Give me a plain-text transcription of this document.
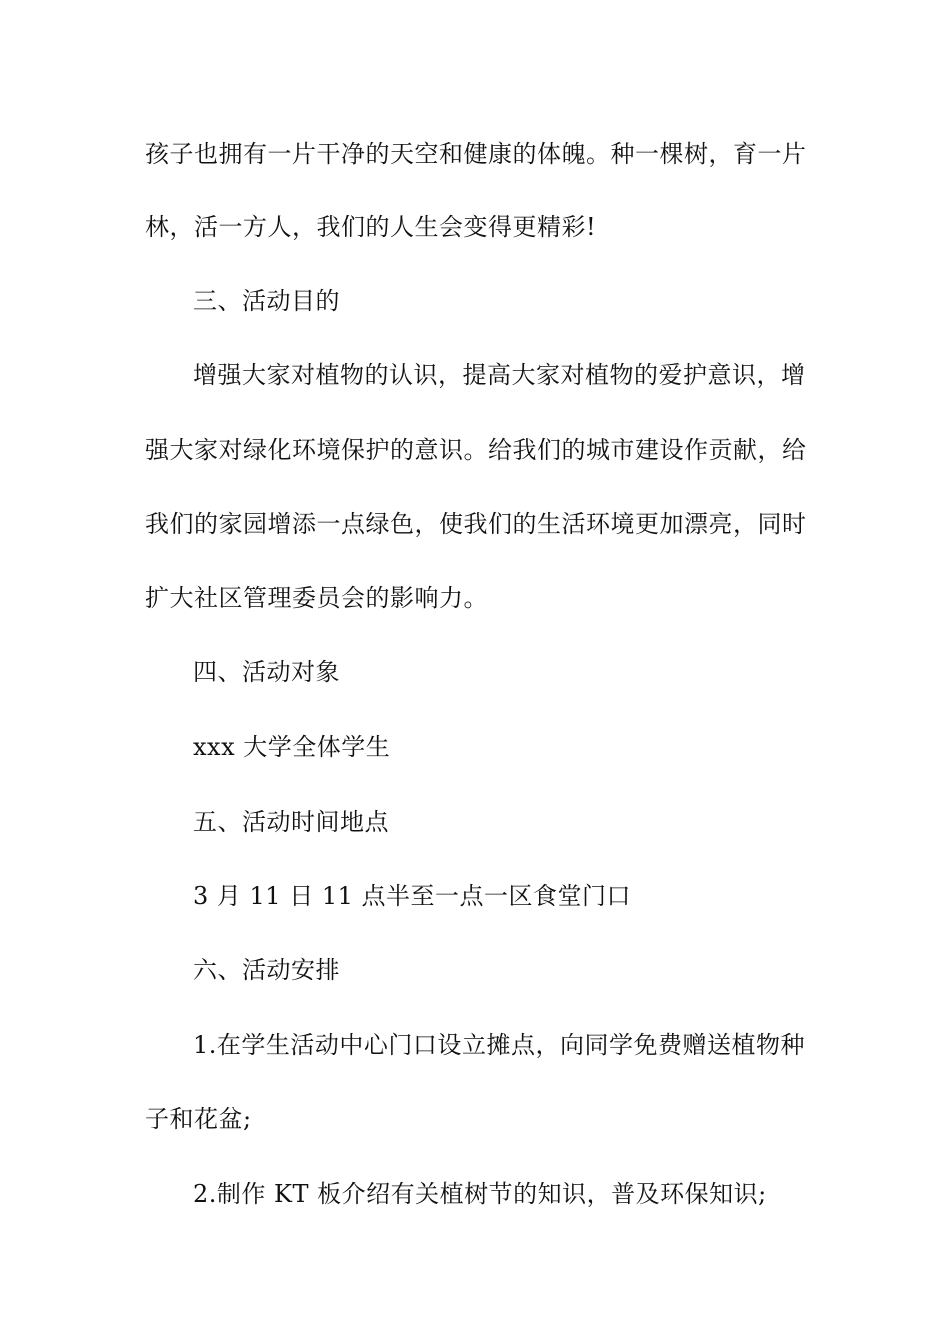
孩子也拥有一片干净的天空和健康的体魄。种一棵树，育一片
林，活一方人，我们的人生会变得更精彩!
三、活动目的
增强大家对植物的认识，提高大家对植物的爱护意识，增
强大家对绿化环境保护的意识。给我们的城市建设作贡献，给
我们的家园增添一点绿色，使我们的生活环境更加漂亮，同时
扩大社区管理委员会的影响力。
四、活动对象
xxx 大学全体学生
五、活动时间地点
3 月 11 日 11 点半至一点一区食堂门口
六、活动安排
1.在学生活动中心门口设立摊点，向同学免费赠送植物种
子和花盆;
2.制作 KT 板介绍有关植树节的知识，普及环保知识;
